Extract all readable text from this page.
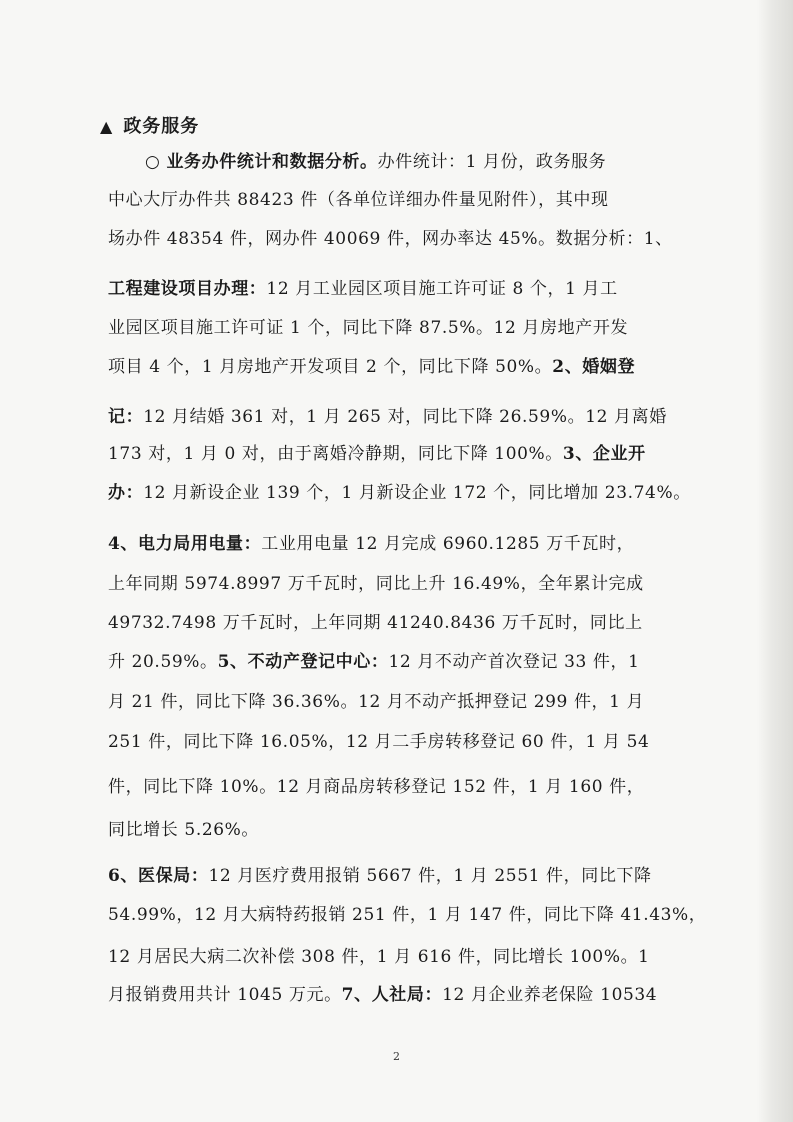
▲ 政务服务
○ 业务办件统计和数据分析。办件统计：1 月份，政务服务
中心大厅办件共 88423 件（各单位详细办件量见附件），其中现
场办件 48354 件，网办件 40069 件，网办率达 45%。数据分析：1、
工程建设项目办理：12 月工业园区项目施工许可证 8 个，1 月工
业园区项目施工许可证 1 个，同比下降 87.5%。12 月房地产开发
项目 4 个，1 月房地产开发项目 2 个，同比下降 50%。2、婚姻登
记：12 月结婚 361 对，1 月 265 对，同比下降 26.59%。12 月离婚
173 对，1 月 0 对，由于离婚冷静期，同比下降 100%。3、企业开
办：12 月新设企业 139 个，1 月新设企业 172 个，同比增加 23.74%。
4、电力局用电量：工业用电量 12 月完成 6960.1285 万千瓦时，
上年同期 5974.8997 万千瓦时，同比上升 16.49%，全年累计完成
49732.7498 万千瓦时，上年同期 41240.8436 万千瓦时，同比上
升 20.59%。5、不动产登记中心：12 月不动产首次登记 33 件，1
月 21 件，同比下降 36.36%。12 月不动产抵押登记 299 件，1 月
251 件，同比下降 16.05%，12 月二手房转移登记 60 件，1 月 54
件，同比下降 10%。12 月商品房转移登记 152 件，1 月 160 件，
同比增长 5.26%。
6、医保局：12 月医疗费用报销 5667 件，1 月 2551 件，同比下降
54.99%，12 月大病特药报销 251 件，1 月 147 件，同比下降 41.43%，
12 月居民大病二次补偿 308 件，1 月 616 件，同比增长 100%。1
月报销费用共计 1045 万元。7、人社局：12 月企业养老保险 10534
2
